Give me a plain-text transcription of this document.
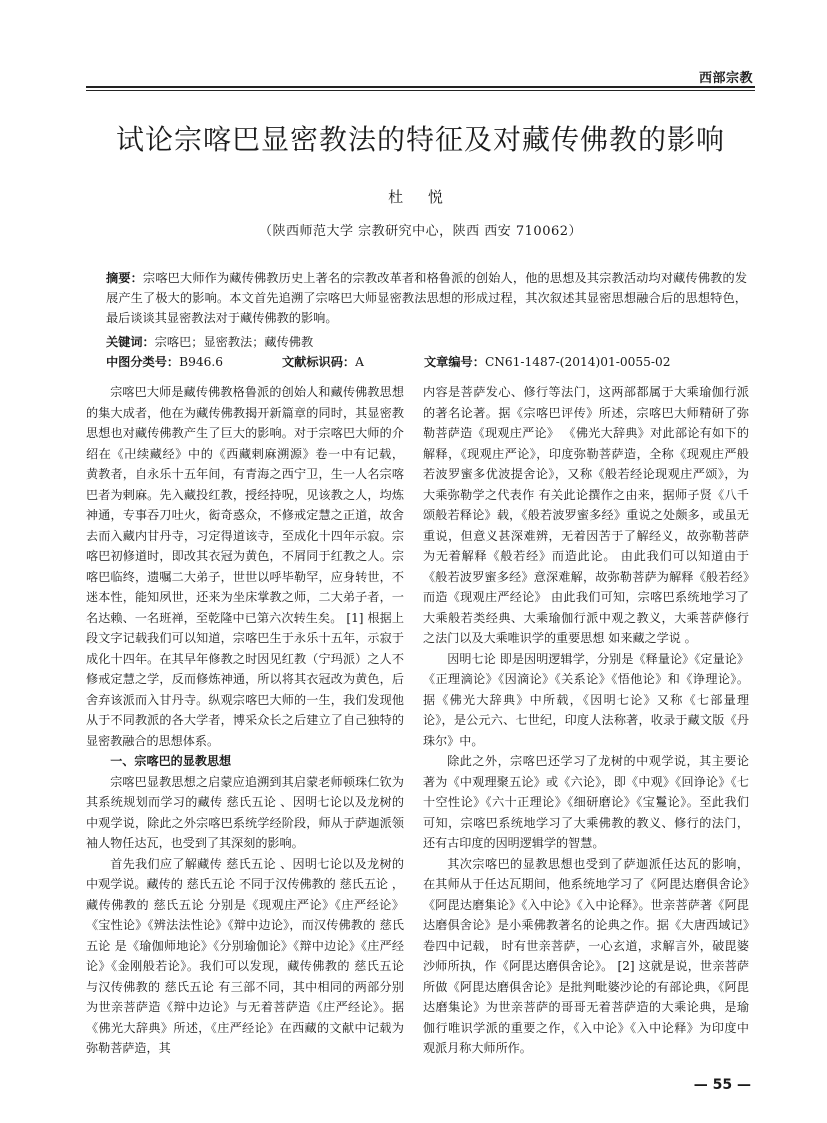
西部宗教
试论宗喀巴显密教法的特征及对藏传佛教的影响
杜 悦
（陕西师范大学 宗教研究中心，陕西 西安 710062）
摘要：宗喀巴大师作为藏传佛教历史上著名的宗教改革者和格鲁派的创始人，他的思想及其宗教活动均对藏传佛教的发展产生了极大的影响。本文首先追溯了宗喀巴大师显密教法思想的形成过程，其次叙述其显密思想融合后的思想特色，最后谈谈其显密教法对于藏传佛教的影响。
关键词：宗喀巴；显密教法；藏传佛教
中图分类号：B946.6	文献标识码：A	文章编号：CN61-1487-(2014)01-0055-02

宗喀巴大师是藏传佛教格鲁派的创始人和藏传佛教思想的集大成者，他在为藏传佛教揭开新篇章的同时，其显密教思想也对藏传佛教产生了巨大的影响。对于宗喀巴大师的介绍在《卍续藏经》中的《西藏剌麻溯源》卷一中有记载， 黄教者，自永乐十五年间，有青海之西宁卫，生一人名宗喀巴者为剌麻。先入藏投红教，授经持呪，见该教之人，均炼神通，专事吞刀吐火，衒奇惑众，不修戒定慧之正道，故舍去而入藏内甘丹寺，习定得道该寺，至成化十四年示寂。宗喀巴初修道时，即改其衣冠为黄色，不屑同于红教之人。宗喀巴临终，遗嘱二大弟子，世世以呼毕勒罕，应身转世，不迷本性，能知夙世，还来为坐床掌教之师，二大弟子者，一名达赖、一名班禅，至乾隆中已第六次转生矣。 [1] 根据上段文字记载我们可以知道，宗喀巴生于永乐十五年，示寂于成化十四年。在其早年修教之时因见红教（宁玛派）之人不修戒定慧之学，反而修炼神通，所以将其衣冠改为黄色，后舍弃该派而入甘丹寺。纵观宗喀巴大师的一生，我们发现他从于不同教派的各大学者，博采众长之后建立了自己独特的显密教融合的思想体系。

一、宗喀巴的显教思想

宗喀巴显教思想之启蒙应追溯到其启蒙老师顿珠仁钦为其系统规划而学习的藏传 慈氏五论 、因明七论以及龙树的中观学说，除此之外宗喀巴系统学经阶段，师从于萨迦派领袖人物任达瓦，也受到了其深刻的影响。

首先我们应了解藏传 慈氏五论 、因明七论以及龙树的中观学说。藏传的 慈氏五论 不同于汉传佛教的 慈氏五论 ，藏传佛教的 慈氏五论 分别是《现观庄严论》《庄严经论》《宝性论》《辨法法性论》《辩中边论》，而汉传佛教的 慈氏五论 是《瑜伽师地论》《分别瑜伽论》《辩中边论》《庄严经论》《金刚般若论》。我们可以发现，藏传佛教的 慈氏五论 与汉传佛教的 慈氏五论 有三部不同，其中相同的两部分别为世亲菩萨造《辩中边论》与无着菩萨造《庄严经论》。据《佛光大辞典》所述，《庄严经论》在西藏的文献中记载为弥勒菩萨造，其

内容是菩萨发心、修行等法门，这两部都属于大乘瑜伽行派的著名论著。据《宗喀巴评传》所述，宗喀巴大师精研了弥勒菩萨造《现观庄严论》 《佛光大辞典》对此部论有如下的解释，《现观庄严论》，印度弥勒菩萨造，全称《现观庄严般若波罗蜜多优波提舍论》，又称《般若经论现观庄严颂》，为大乘弥勒学之代表作 有关此论撰作之由来，据师子贤《八千颂般若释论》载，《般若波罗蜜多经》重说之处颇多，或虽无重说，但意义甚深难辨，无着因苦于了解经义，故弥勒菩萨为无着解释《般若经》而造此论。 由此我们可以知道由于《般若波罗蜜多经》意深难解，故弥勒菩萨为解释《般若经》而造《现观庄严经论》 由此我们可知，宗喀巴系统地学习了大乘般若类经典、大乘瑜伽行派中观之教义，大乘菩萨修行之法门以及大乘唯识学的重要思想 如来藏之学说 。

因明七论 即是因明逻辑学，分别是《释量论》《定量论》《正理滴论》《因滴论》《关系论》《悟他论》和《诤理论》。据《佛光大辞典》中所载，《因明七论》又称《七部量理论》，是公元六、七世纪，印度人法称著，收录于藏文版《丹珠尔》中。

除此之外，宗喀巴还学习了龙树的中观学说，其主要论著为《中观理聚五论》或《六论》，即《中观》《回诤论》《七十空性论》《六十正理论》《细研磨论》《宝鬘论》。至此我们可知，宗喀巴系统地学习了大乘佛教的教义、修行的法门，还有古印度的因明逻辑学的智慧。

其次宗喀巴的显教思想也受到了萨迦派任达瓦的影响，在其师从于任达瓦期间，他系统地学习了《阿毘达磨俱舍论》《阿毘达磨集论》《入中论》《入中论释》。世亲菩萨著《阿毘达磨俱舍论》是小乘佛教著名的论典之作。据《大唐西域记》卷四中记载， 时有世亲菩萨，一心玄道，求解言外，破毘婆沙师所执，作《阿毘达磨俱舍论》。 [2] 这就是说，世亲菩萨所做《阿毘达磨俱舍论》是批判毗婆沙论的有部论典，《阿毘达磨集论》为世亲菩萨的哥哥无着菩萨造的大乘论典，是瑜伽行唯识学派的重要之作，《入中论》《入中论释》为印度中观派月称大师所作。

— 55 —
